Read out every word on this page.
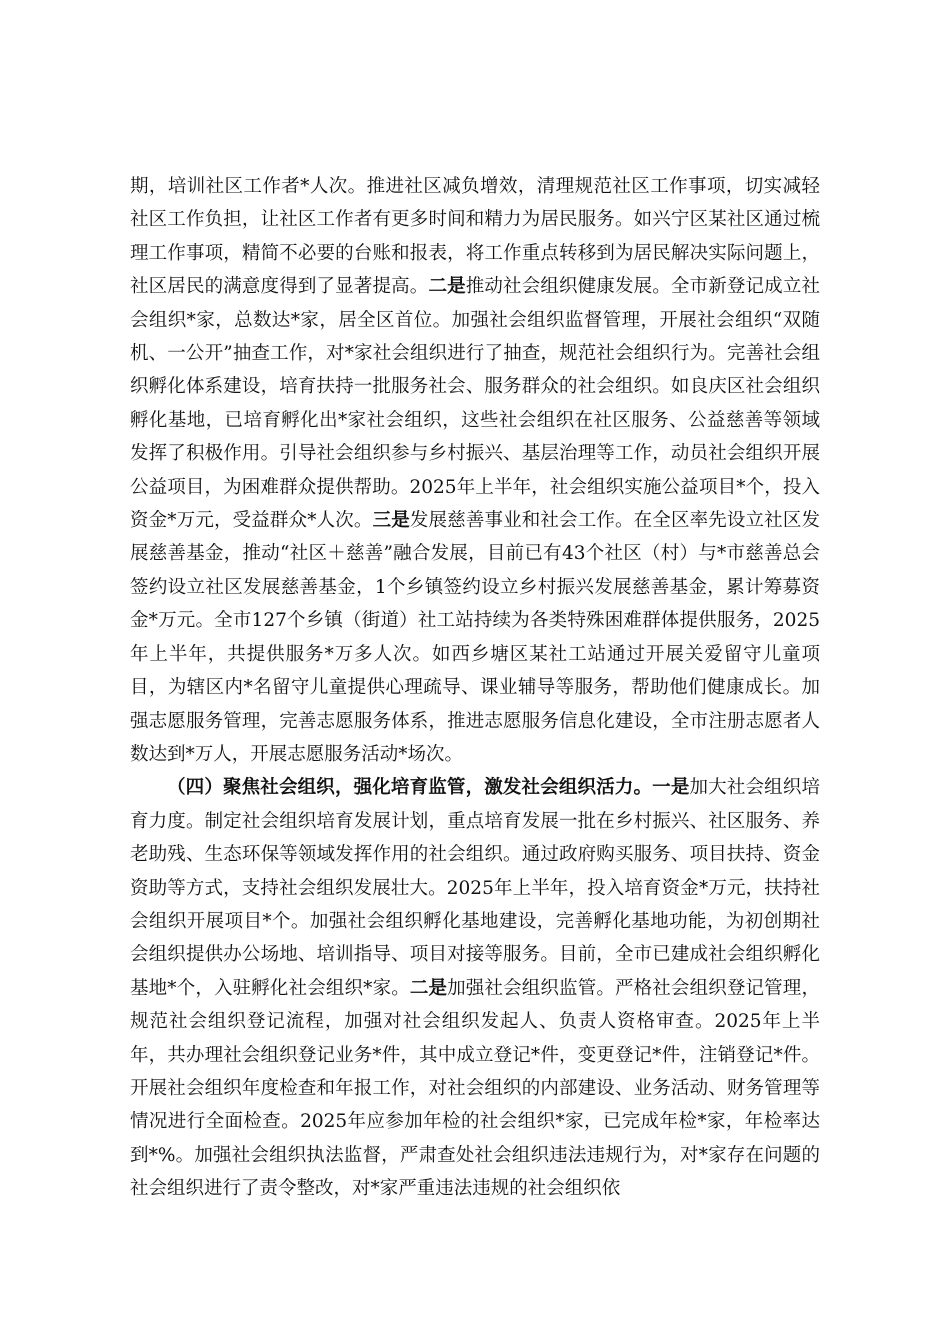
期，培训社区工作者*人次。推进社区减负增效，清理规范社区工作事项，切实减轻社区工作负担，让社区工作者有更多时间和精力为居民服务。如兴宁区某社区通过梳理工作事项，精简不必要的台账和报表，将工作重点转移到为居民解决实际问题上，社区居民的满意度得到了显著提高。二是推动社会组织健康发展。全市新登记成立社会组织*家，总数达*家，居全区首位。加强社会组织监督管理，开展社会组织“双随机、一公开”抽查工作，对*家社会组织进行了抽查，规范社会组织行为。完善社会组织孵化体系建设，培育扶持一批服务社会、服务群众的社会组织。如良庆区社会组织孵化基地，已培育孵化出*家社会组织，这些社会组织在社区服务、公益慈善等领域发挥了积极作用。引导社会组织参与乡村振兴、基层治理等工作，动员社会组织开展公益项目，为困难群众提供帮助。2025年上半年，社会组织实施公益项目*个，投入资金*万元，受益群众*人次。三是发展慈善事业和社会工作。在全区率先设立社区发展慈善基金，推动“社区＋慈善”融合发展，目前已有43个社区（村）与*市慈善总会签约设立社区发展慈善基金，1个乡镇签约设立乡村振兴发展慈善基金，累计筹募资金*万元。全市127个乡镇（街道）社工站持续为各类特殊困难群体提供服务，2025年上半年，共提供服务*万多人次。如西乡塘区某社工站通过开展关爱留守儿童项目，为辖区内*名留守儿童提供心理疏导、课业辅导等服务，帮助他们健康成长。加强志愿服务管理，完善志愿服务体系，推进志愿服务信息化建设，全市注册志愿者人数达到*万人，开展志愿服务活动*场次。

（四）聚焦社会组织，强化培育监管，激发社会组织活力。一是加大社会组织培育力度。制定社会组织培育发展计划，重点培育发展一批在乡村振兴、社区服务、养老助残、生态环保等领域发挥作用的社会组织。通过政府购买服务、项目扶持、资金资助等方式，支持社会组织发展壮大。2025年上半年，投入培育资金*万元，扶持社会组织开展项目*个。加强社会组织孵化基地建设，完善孵化基地功能，为初创期社会组织提供办公场地、培训指导、项目对接等服务。目前，全市已建成社会组织孵化基地*个，入驻孵化社会组织*家。二是加强社会组织监管。严格社会组织登记管理，规范社会组织登记流程，加强对社会组织发起人、负责人资格审查。2025年上半年，共办理社会组织登记业务*件，其中成立登记*件，变更登记*件，注销登记*件。开展社会组织年度检查和年报工作，对社会组织的内部建设、业务活动、财务管理等情况进行全面检查。2025年应参加年检的社会组织*家，已完成年检*家，年检率达到*%。加强社会组织执法监督，严肃查处社会组织违法违规行为，对*家存在问题的社会组织进行了责令整改，对*家严重违法违规的社会组织依
